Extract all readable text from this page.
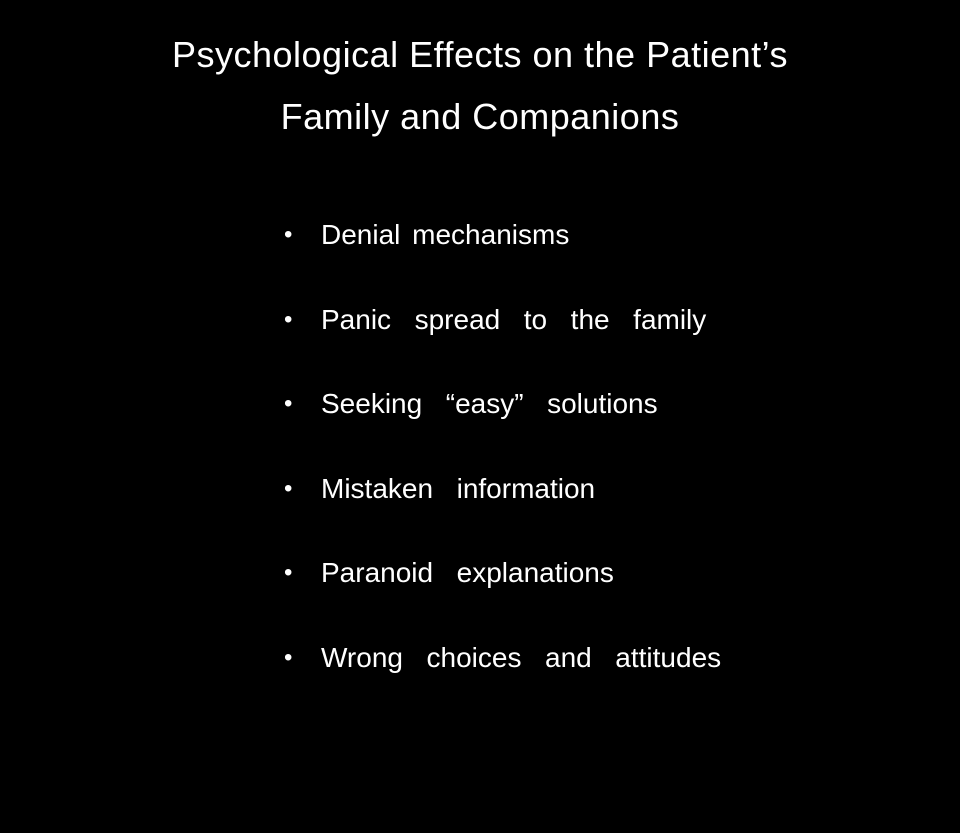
Psychological Effects on the Patient’s
Family and Companions

•

	Denial mechanisms

•

	Panic  spread  to  the  family

•

	Seeking  “easy”  solutions

•

	Mistaken  information

•

	Paranoid  explanations

•

	Wrong  choices  and  attitudes
